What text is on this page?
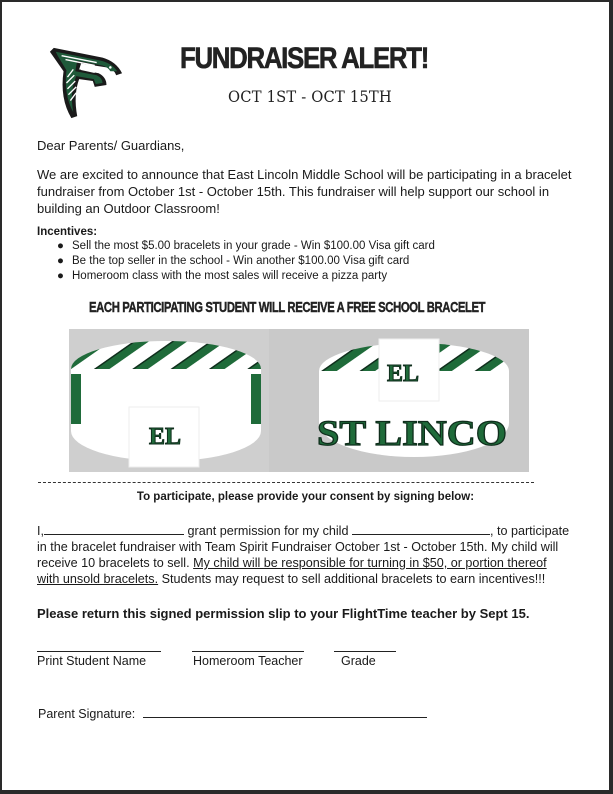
FUNDRAISER ALERT!
OCT 1ST - OCT 15TH
Dear Parents/ Guardians,
We are excited to announce that East Lincoln Middle School will be participating in a bracelet
fundraiser from October 1st - October 15th. This fundraiser will help support our school in
building an Outdoor Classroom!
Incentives:
● Sell the most $5.00 bracelets in your grade - Win $100.00 Visa gift card
● Be the top seller in the school - Win another $100.00 Visa gift card
● Homeroom class with the most sales will receive a pizza party
EACH PARTICIPATING STUDENT WILL RECEIVE A FREE SCHOOL BRACELET
EL
EL
ST LINCO
To participate, please provide your consent by signing below:
I,	grant permission for my child	, to participate
in the bracelet fundraiser with Team Spirit Fundraiser October 1st - October 15th. My child will
receive 10 bracelets to sell. My child will be responsible for turning in $50, or portion thereof
with unsold bracelets. Students may request to sell additional bracelets to earn incentives!!!
Please return this signed permission slip to your FlightTime teacher by Sept 15.
Print Student Name	Homeroom Teacher	Grade
Parent Signature:
